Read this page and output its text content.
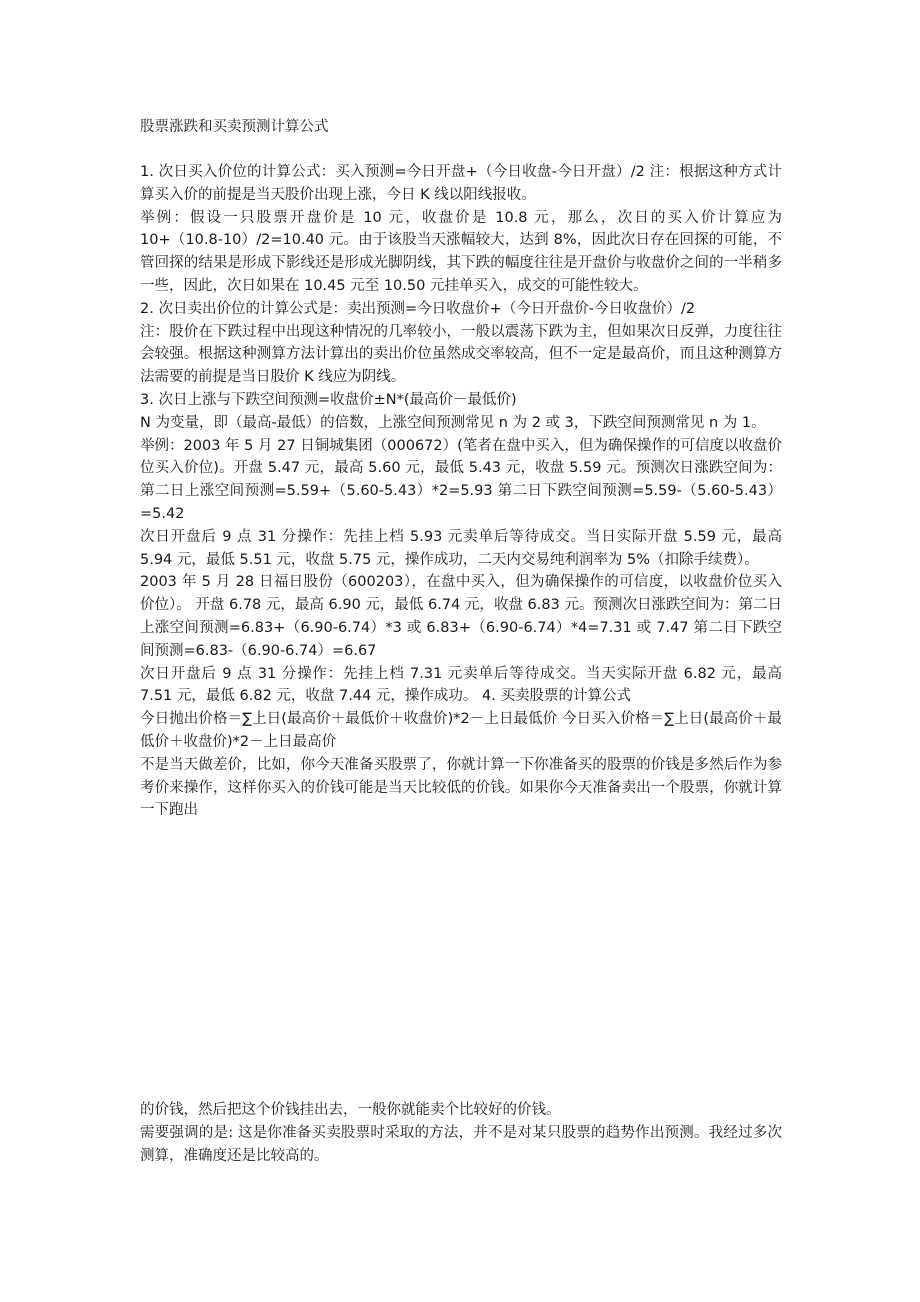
股票涨跌和买卖预测计算公式

1. 次日买入价位的计算公式：买入预测=今日开盘+（今日收盘-今日开盘）/2 注：根据这种方式计算买入价的前提是当天股价出现上涨，今日 K 线以阳线报收。

举例：假设一只股票开盘价是 10 元，收盘价是 10.8 元，那么，次日的买入价计算应为 10+（10.8-10）/2=10.40 元。由于该股当天涨幅较大，达到 8%，因此次日存在回探的可能，不管回探的结果是形成下影线还是形成光脚阴线，其下跌的幅度往往是开盘价与收盘价之间的一半稍多一些，因此，次日如果在 10.45 元至 10.50 元挂单买入，成交的可能性较大。

2. 次日卖出价位的计算公式是：卖出预测=今日收盘价+（今日开盘价-今日收盘价）/2

注：股价在下跌过程中出现这种情况的几率较小，一般以震荡下跌为主，但如果次日反弹，力度往往会较强。根据这种测算方法计算出的卖出价位虽然成交率较高，但不一定是最高价，而且这种测算方法需要的前提是当日股价 K 线应为阴线。

3. 次日上涨与下跌空间预测=收盘价±N*(最高价－最低价)

N 为变量，即（最高-最低）的倍数，上涨空间预测常见 n 为 2 或 3，下跌空间预测常见 n 为 1。

举例：2003 年 5 月 27 日铜城集团（000672）(笔者在盘中买入，但为确保操作的可信度以收盘价位买入价位)。开盘 5.47 元，最高 5.60 元，最低 5.43 元，收盘 5.59 元。预测次日涨跌空间为： 第二日上涨空间预测=5.59+（5.60-5.43）*2=5.93 第二日下跌空间预测=5.59-（5.60-5.43）=5.42

次日开盘后 9 点 31 分操作：先挂上档 5.93 元卖单后等待成交。当日实际开盘 5.59 元，最高 5.94 元，最低 5.51 元，收盘 5.75 元，操作成功，二天内交易纯利润率为 5%（扣除手续费）。

2003 年 5 月 28 日福日股份（600203），在盘中买入，但为确保操作的可信度，以收盘价位买入价位）。 开盘 6.78 元，最高 6.90 元，最低 6.74 元，收盘 6.83 元。预测次日涨跌空间为：第二日上涨空间预测=6.83+（6.90-6.74）*3 或 6.83+（6.90-6.74）*4=7.31 或 7.47 第二日下跌空间预测=6.83-（6.90-6.74）=6.67

次日开盘后 9 点 31 分操作：先挂上档 7.31 元卖单后等待成交。当天实际开盘 6.82 元，最高 7.51 元，最低 6.82 元，收盘 7.44 元，操作成功。 4. 买卖股票的计算公式

今日抛出价格＝∑上日(最高价＋最低价＋收盘价)*2－上日最低价 今日买入价格＝∑上日(最高价＋最低价＋收盘价)*2－上日最高价

不是当天做差价，比如，你今天准备买股票了，你就计算一下你准备买的股票的价钱是多然后作为参考价来操作，这样你买入的价钱可能是当天比较低的价钱。如果你今天准备卖出一个股票，你就计算一下跑出

的价钱，然后把这个价钱挂出去，一般你就能卖个比较好的价钱。

需要强调的是: 这是你准备买卖股票时采取的方法，并不是对某只股票的趋势作出预测。我经过多次测算，准确度还是比较高的。
